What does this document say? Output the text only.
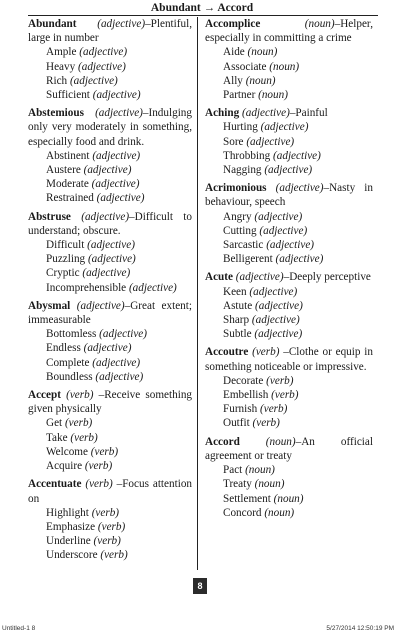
Abundant → Accord
Abundant (adjective)–Plentiful, large in number
Ample (adjective)
Heavy (adjective)
Rich (adjective)
Sufficient (adjective)
Abstemious (adjective)–Indulging only very moderately in something, especially food and drink.
Abstinent (adjective)
Austere (adjective)
Moderate (adjective)
Restrained (adjective)
Abstruse (adjective)–Difficult to understand; obscure.
Difficult (adjective)
Puzzling (adjective)
Cryptic (adjective)
Incomprehensible (adjective)
Abysmal (adjective)–Great extent; immeasurable
Bottomless (adjective)
Endless (adjective)
Complete (adjective)
Boundless (adjective)
Accept (verb) –Receive something given physically
Get (verb)
Take (verb)
Welcome (verb)
Acquire (verb)
Accentuate (verb) –Focus attention on
Highlight (verb)
Emphasize (verb)
Underline (verb)
Underscore (verb)
Accomplice	(noun)–Helper, especially in committing a crime
Aide (noun)
Associate (noun)
Ally (noun)
Partner (noun)
Aching (adjective)–Painful
Hurting (adjective)
Sore (adjective)
Throbbing (adjective)
Nagging (adjective)
Acrimonious (adjective)–Nasty in behaviour, speech
Angry (adjective)
Cutting (adjective)
Sarcastic (adjective)
Belligerent (adjective)
Acute (adjective)–Deeply perceptive
Keen (adjective)
Astute (adjective)
Sharp (adjective)
Subtle (adjective)
Accoutre (verb) –Clothe or equip in something noticeable or impressive.
Decorate (verb)
Embellish (verb)
Furnish (verb)
Outfit (verb)
Accord (noun)–An official agreement or treaty
Pact (noun)
Treaty (noun)
Settlement (noun)
Concord (noun)
8
Untitled-1 8	5/27/2014 12:50:19 PM
